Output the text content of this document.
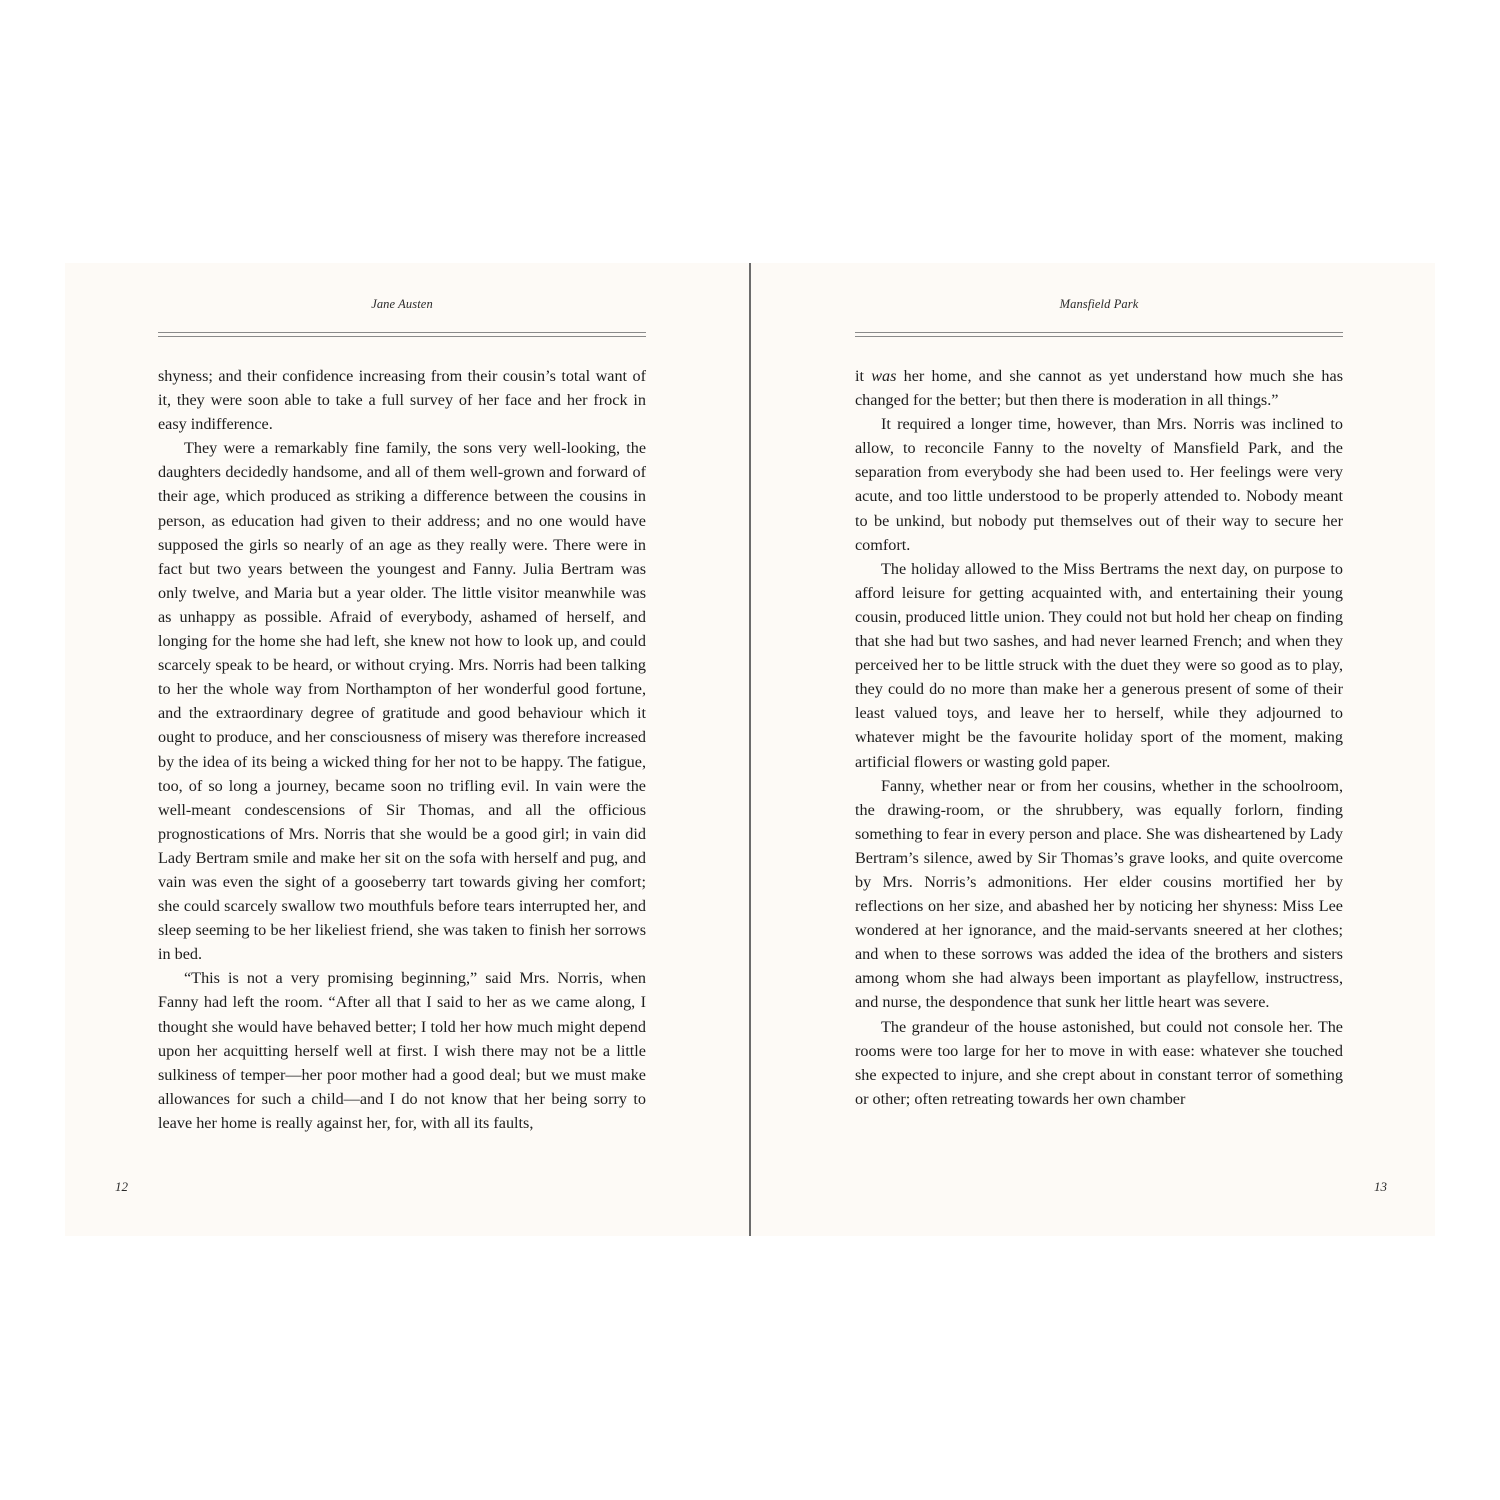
Jane Austen

shyness; and their confidence increasing from their cousin’s total want of it, they were soon able to take a full survey of her face and her frock in easy indifference.

They were a remarkably fine family, the sons very well-looking, the daughters decidedly handsome, and all of them well-grown and forward of their age, which produced as striking a difference between the cousins in person, as education had given to their address; and no one would have supposed the girls so nearly of an age as they really were. There were in fact but two years between the youngest and Fanny. Julia Bertram was only twelve, and Maria but a year older. The little visitor meanwhile was as unhappy as possible. Afraid of everybody, ashamed of herself, and longing for the home she had left, she knew not how to look up, and could scarcely speak to be heard, or without crying. Mrs. Norris had been talking to her the whole way from Northampton of her wonderful good fortune, and the extraordinary degree of gratitude and good behaviour which it ought to produce, and her consciousness of misery was therefore increased by the idea of its being a wicked thing for her not to be happy. The fatigue, too, of so long a journey, became soon no trifling evil. In vain were the well-meant condescensions of Sir Thomas, and all the officious prognostications of Mrs. Norris that she would be a good girl; in vain did Lady Bertram smile and make her sit on the sofa with herself and pug, and vain was even the sight of a gooseberry tart towards giving her comfort; she could scarcely swallow two mouthfuls before tears interrupted her, and sleep seeming to be her likeliest friend, she was taken to finish her sorrows in bed.

“This is not a very promising beginning,” said Mrs. Norris, when Fanny had left the room. “After all that I said to her as we came along, I thought she would have behaved better; I told her how much might depend upon her acquitting herself well at first. I wish there may not be a little sulkiness of temper—her poor mother had a good deal; but we must make allowances for such a child—and I do not know that her being sorry to leave her home is really against her, for, with all its faults,

12
Mansfield Park

it was her home, and she cannot as yet understand how much she has changed for the better; but then there is moderation in all things.”

It required a longer time, however, than Mrs. Norris was inclined to allow, to reconcile Fanny to the novelty of Mansfield Park, and the separation from everybody she had been used to. Her feelings were very acute, and too little understood to be properly attended to. Nobody meant to be unkind, but nobody put themselves out of their way to secure her comfort.

The holiday allowed to the Miss Bertrams the next day, on purpose to afford leisure for getting acquainted with, and entertaining their young cousin, produced little union. They could not but hold her cheap on finding that she had but two sashes, and had never learned French; and when they perceived her to be little struck with the duet they were so good as to play, they could do no more than make her a generous present of some of their least valued toys, and leave her to herself, while they adjourned to whatever might be the favourite holiday sport of the moment, making artificial flowers or wasting gold paper.

Fanny, whether near or from her cousins, whether in the schoolroom, the drawing-room, or the shrubbery, was equally forlorn, finding something to fear in every person and place. She was disheartened by Lady Bertram’s silence, awed by Sir Thomas’s grave looks, and quite overcome by Mrs. Norris’s admonitions. Her elder cousins mortified her by reflections on her size, and abashed her by noticing her shyness: Miss Lee wondered at her ignorance, and the maid-servants sneered at her clothes; and when to these sorrows was added the idea of the brothers and sisters among whom she had always been important as playfellow, instructress, and nurse, the despondence that sunk her little heart was severe.

The grandeur of the house astonished, but could not console her. The rooms were too large for her to move in with ease: whatever she touched she expected to injure, and she crept about in constant terror of something or other; often retreating towards her own chamber

13
